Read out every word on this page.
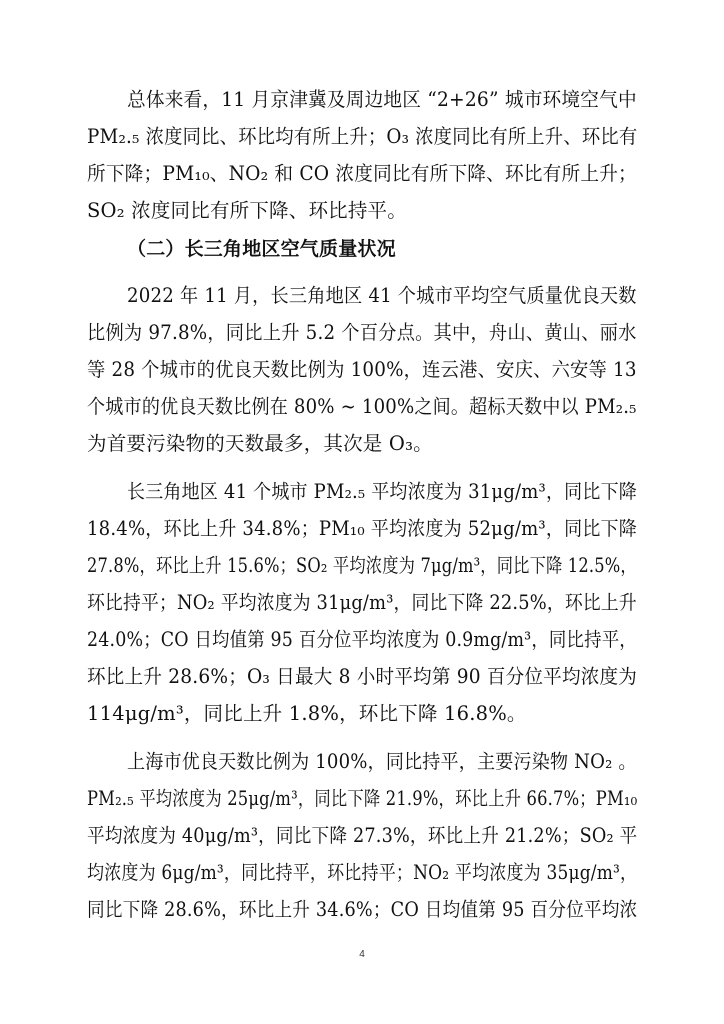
总体来看，11 月京津冀及周边地区 “2+26” 城市环境空气中
PM₂.₅ 浓度同比、环比均有所上升；O₃ 浓度同比有所上升、环比有
所下降；PM₁₀、NO₂ 和 CO 浓度同比有所下降、环比有所上升；
SO₂ 浓度同比有所下降、环比持平。
（二）长三角地区空气质量状况
2022 年 11 月，长三角地区 41 个城市平均空气质量优良天数
比例为 97.8%，同比上升 5.2 个百分点。其中，舟山、黄山、丽水
等 28 个城市的优良天数比例为 100%，连云港、安庆、六安等 13
个城市的优良天数比例在 80% ~ 100%之间。超标天数中以 PM₂.₅
为首要污染物的天数最多，其次是 O₃。
长三角地区 41 个城市 PM₂.₅ 平均浓度为 31μg/m³，同比下降
18.4%，环比上升 34.8%；PM₁₀ 平均浓度为 52μg/m³，同比下降
27.8%，环比上升 15.6%；SO₂ 平均浓度为 7μg/m³，同比下降 12.5%，
环比持平；NO₂ 平均浓度为 31μg/m³，同比下降 22.5%，环比上升
24.0%；CO 日均值第 95 百分位平均浓度为 0.9mg/m³，同比持平，
环比上升 28.6%；O₃ 日最大 8 小时平均第 90 百分位平均浓度为
114μg/m³，同比上升 1.8%，环比下降 16.8%。
上海市优良天数比例为 100%，同比持平，主要污染物 NO₂ 。
PM₂.₅ 平均浓度为 25μg/m³，同比下降 21.9%，环比上升 66.7%；PM₁₀
平均浓度为 40μg/m³，同比下降 27.3%，环比上升 21.2%；SO₂ 平
均浓度为 6μg/m³，同比持平，环比持平；NO₂ 平均浓度为 35μg/m³，
同比下降 28.6%，环比上升 34.6%；CO 日均值第 95 百分位平均浓
4
